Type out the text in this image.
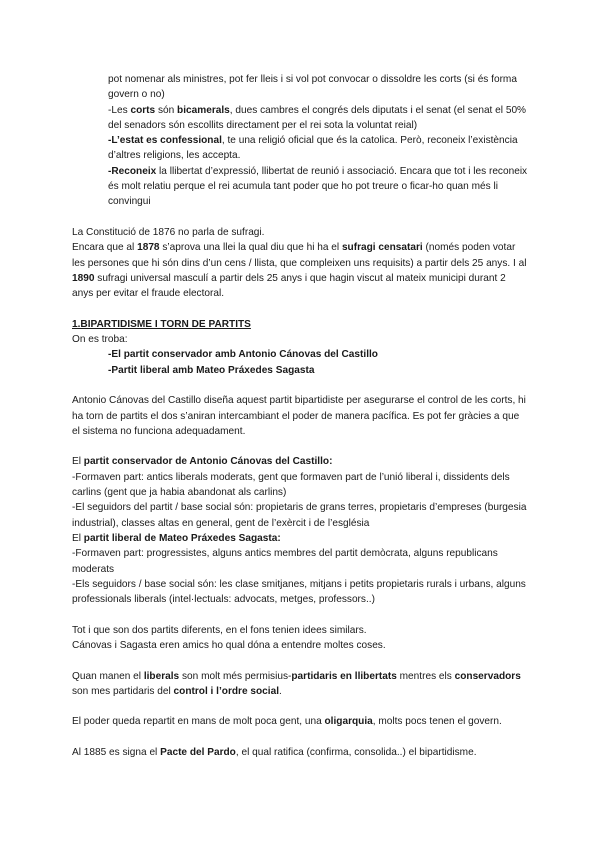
pot nomenar als ministres, pot fer lleis i si vol pot convocar o dissoldre les corts (si és forma govern o no)

-Les corts són bicamerals, dues cambres el congrés dels diputats i el senat (el senat el 50% del senadors són escollits directament per el rei sota la voluntat reial)

-L’estat es confessional, te una religió oficial que és la catolica. Però, reconeix l’existència d’altres religions, les accepta.

-Reconeix la llibertat d’expressió, llibertat de reunió i associació. Encara que tot i les reconeix és molt relatiu perque el rei acumula tant poder que ho pot treure o ficar-ho quan més li convingui

La Constitució de 1876 no parla de sufragi.

Encara que al 1878 s’aprova una llei la qual diu que hi ha el sufragi censatari (només poden votar les persones que hi són dins d’un cens / llista, que compleixen uns requisits) a partir dels 25 anys. I al 1890 sufragi universal masculí a partir dels 25 anys i que hagin viscut al mateix municipi durant 2 anys per evitar el fraude electoral.

1.BIPARTIDISME I TORN DE PARTITS

On es troba:

-El partit conservador amb Antonio Cánovas del Castillo

-Partit liberal amb Mateo Práxedes Sagasta

Antonio Cánovas del Castillo diseña aquest partit bipartidiste per asegurarse el control de les corts, hi ha torn de partits el dos s’aniran intercambiant el poder de manera pacífica. Es pot fer gràcies a que el sistema no funciona adequadament.

El partit conservador de Antonio Cánovas del Castillo:

-Formaven part: antics liberals moderats, gent que formaven part de l’unió liberal i, dissidents dels carlins (gent que ja habia abandonat als carlins)

-El seguidors del partit / base social són: propietaris de grans terres, propietaris d’empreses (burgesia industrial), classes altas en general, gent de l’exèrcit i de l’església

El partit liberal de Mateo Práxedes Sagasta:

-Formaven part: progressistes, alguns antics membres del partit demòcrata, alguns republicans moderats

-Els seguidors / base social són: les clase smitjanes, mitjans i petits propietaris rurals i urbans, alguns professionals liberals (intel·lectuals: advocats, metges, professors..)

Tot i que son dos partits diferents, en el fons tenien idees similars.

Cánovas i Sagasta eren amics ho qual dóna a entendre moltes coses.

Quan manen el liberals son molt més permisius-partidaris en llibertats mentres els conservadors son mes partidaris del control i l’ordre social.

El poder queda repartit en mans de molt poca gent, una oligarquia, molts pocs tenen el govern.

Al 1885 es signa el Pacte del Pardo, el qual ratifica (confirma, consolida..) el bipartidisme.
